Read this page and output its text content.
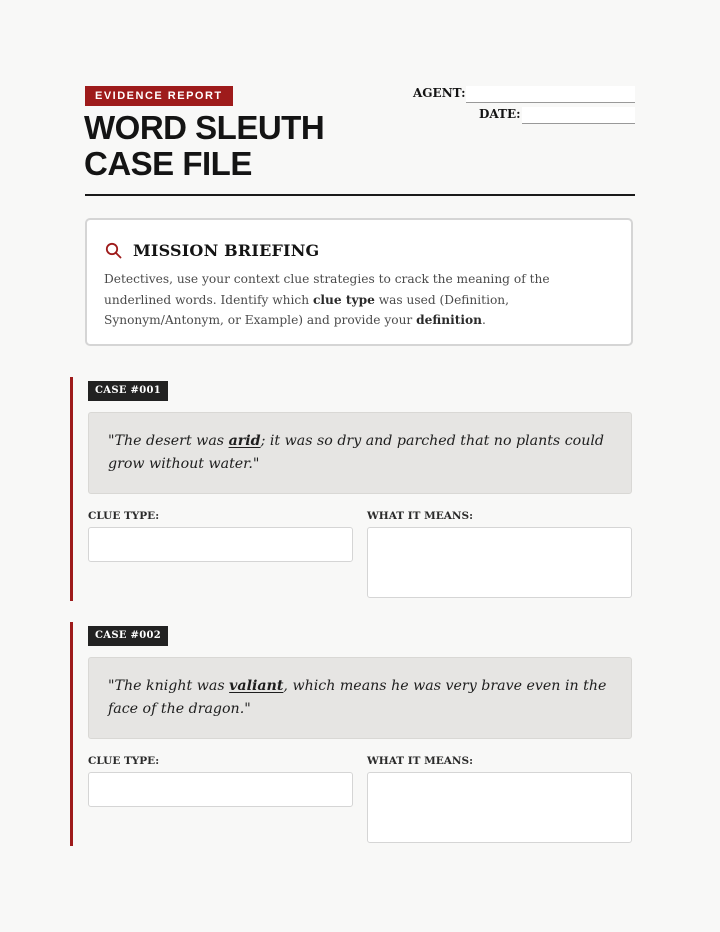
EVIDENCE REPORT
WORD SLEUTH
CASE FILE
AGENT:
DATE:
MISSION BRIEFING

Detectives, use your context clue strategies to crack the meaning of the underlined words. Identify which clue type was used (Definition, Synonym/Antonym, or Example) and provide your definition.

CASE #001
"The desert was arid; it was so dry and parched that no plants could grow without water."
CLUE TYPE:	WHAT IT MEANS:
CASE #002
"The knight was valiant, which means he was very brave even in the face of the dragon."
CLUE TYPE:	WHAT IT MEANS:
